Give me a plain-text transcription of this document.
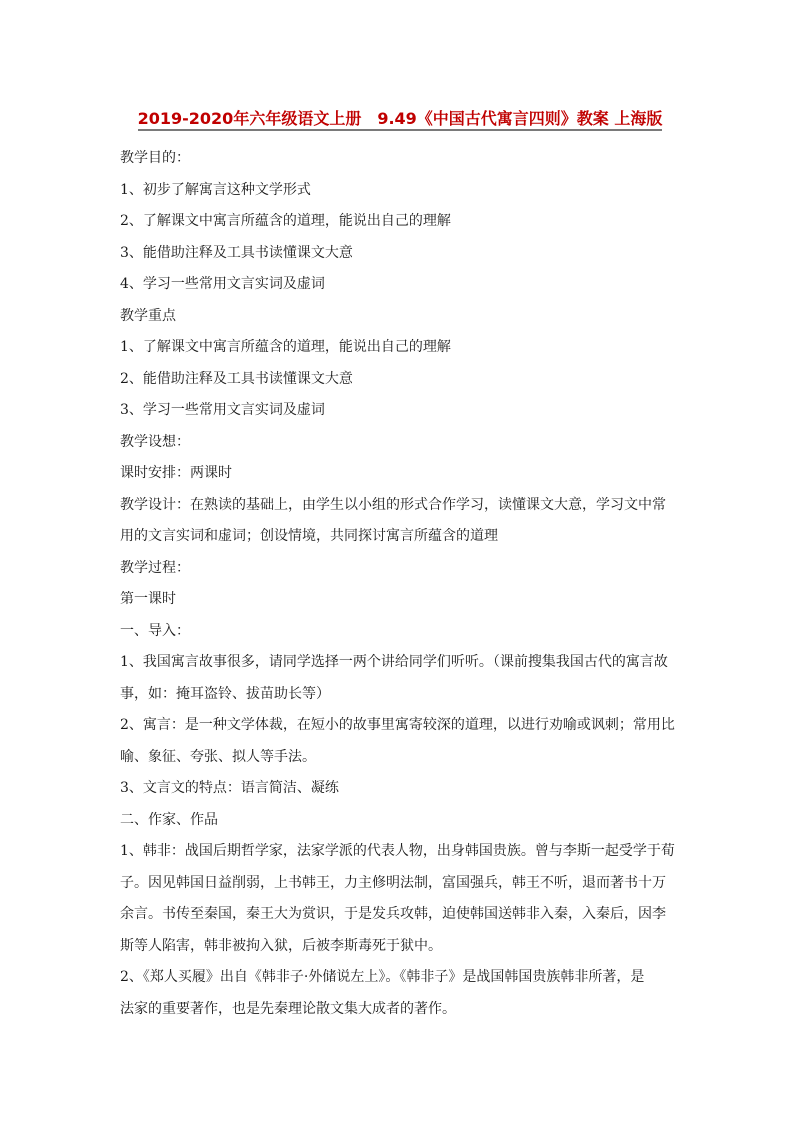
2019-2020年六年级语文上册　9.49《中国古代寓言四则》教案 上海版

教学目的：

1、初步了解寓言这种文学形式

2、了解课文中寓言所蕴含的道理，能说出自己的理解

3、能借助注释及工具书读懂课文大意

4、学习一些常用文言实词及虚词

教学重点

1、了解课文中寓言所蕴含的道理，能说出自己的理解

2、能借助注释及工具书读懂课文大意

3、学习一些常用文言实词及虚词

教学设想：

课时安排：两课时

教学设计：在熟读的基础上，由学生以小组的形式合作学习，读懂课文大意，学习文中常

用的文言实词和虚词；创设情境，共同探讨寓言所蕴含的道理

教学过程：

第一课时

一、导入：

1、我国寓言故事很多，请同学选择一两个讲给同学们听听。（课前搜集我国古代的寓言故

事，如：掩耳盗铃、拔苗助长等）

2、寓言：是一种文学体裁，在短小的故事里寓寄较深的道理，以进行劝喻或讽刺；常用比

喻、象征、夸张、拟人等手法。

3、文言文的特点：语言简洁、凝练

二、作家、作品

1、韩非：战国后期哲学家，法家学派的代表人物，出身韩国贵族。曾与李斯一起受学于荀

子。因见韩国日益削弱，上书韩王，力主修明法制，富国强兵，韩王不听，退而著书十万

余言。书传至秦国，秦王大为赏识，于是发兵攻韩，迫使韩国送韩非入秦，入秦后，因李

斯等人陷害，韩非被拘入狱，后被李斯毒死于狱中。

2、《郑人买履》出自《韩非子·外储说左上》。《韩非子》是战国韩国贵族韩非所著，是

法家的重要著作，也是先秦理论散文集大成者的著作。
